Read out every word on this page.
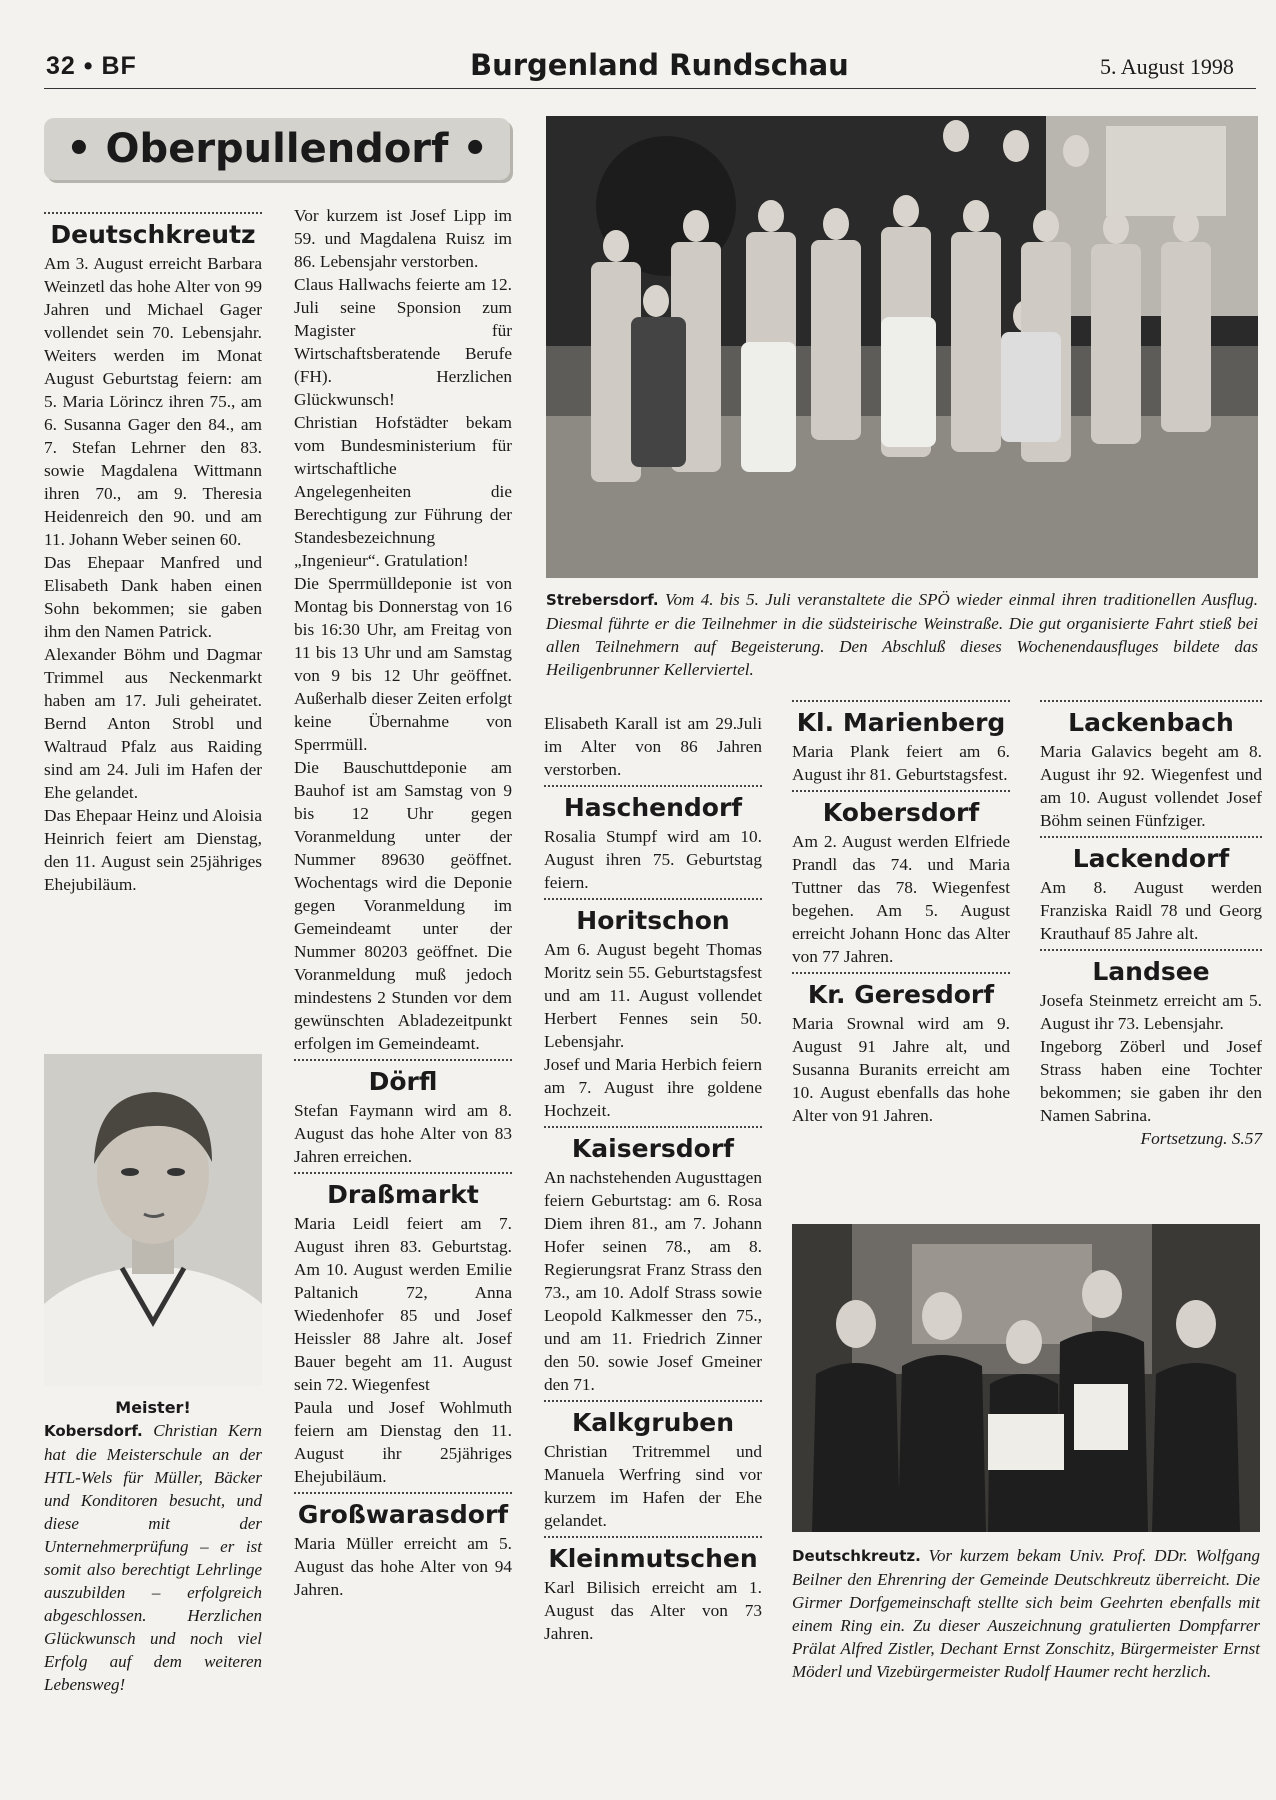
32 • BF	Burgenland Rundschau	5. August 1998
• Oberpullendorf •
Deutschkreutz

Am 3. August erreicht Barbara Weinzetl das hohe Alter von 99 Jahren und Michael Gager vollendet sein 70. Lebensjahr. Weiters werden im Monat August Geburtstag feiern: am 5. Maria Lörincz ihren 75., am 6. Susanna Gager den 84., am 7. Stefan Lehrner den 83. sowie Magdalena Wittmann ihren 70., am 9. Theresia Heidenreich den 90. und am 11. Johann Weber seinen 60.

Das Ehepaar Manfred und Elisabeth Dank haben einen Sohn bekommen; sie gaben ihm den Namen Patrick.

Alexander Böhm und Dagmar Trimmel aus Neckenmarkt haben am 17. Juli geheiratet. Bernd Anton Strobl und Waltraud Pfalz aus Raiding sind am 24. Juli im Hafen der Ehe gelandet.

Das Ehepaar Heinz und Aloisia Heinrich feiert am Dienstag, den 11. August sein 25jähriges Ehejubiläum.

Meister!
Kobersdorf. Christian Kern hat die Meisterschule an der HTL-Wels für Müller, Bäcker und Konditoren besucht, und diese mit der Unternehmerprüfung – er ist somit also berechtigt Lehrlinge auszubilden – erfolgreich abgeschlossen. Herzlichen Glückwunsch und noch viel Erfolg auf dem weiteren Lebensweg!

Vor kurzem ist Josef Lipp im 59. und Magdalena Ruisz im 86. Lebensjahr verstorben.

Claus Hallwachs feierte am 12. Juli seine Sponsion zum Magister für Wirtschaftsberatende Berufe (FH). Herzlichen Glückwunsch!

Christian Hofstädter bekam vom Bundesministerium für wirtschaftliche Angelegenheiten die Berechtigung zur Führung der Standesbezeichnung „Ingenieur“. Gratulation!

Die Sperrmülldeponie ist von Montag bis Donnerstag von 16 bis 16:30 Uhr, am Freitag von 11 bis 13 Uhr und am Samstag von 9 bis 12 Uhr geöffnet. Außerhalb dieser Zeiten erfolgt keine Übernahme von Sperrmüll.

Die Bauschuttdeponie am Bauhof ist am Samstag von 9 bis 12 Uhr gegen Voranmeldung unter der Nummer 89630 geöffnet. Wochentags wird die Deponie gegen Voranmeldung im Gemeindeamt unter der Nummer 80203 geöffnet. Die Voranmeldung muß jedoch mindestens 2 Stunden vor dem gewünschten Abladezeitpunkt erfolgen im Gemeindeamt.

Dörfl

Stefan Faymann wird am 8. August das hohe Alter von 83 Jahren erreichen.

Draßmarkt

Maria Leidl feiert am 7. August ihren 83. Geburtstag. Am 10. August werden Emilie Paltanich 72, Anna Wiedenhofer 85 und Josef Heissler 88 Jahre alt. Josef Bauer begeht am 11. August sein 72. Wiegenfest

Paula und Josef Wohlmuth feiern am Dienstag den 11. August ihr 25jähriges Ehejubiläum.

Großwarasdorf

Maria Müller erreicht am 5. August das hohe Alter von 94 Jahren.

Strebersdorf. Vom 4. bis 5. Juli veranstaltete die SPÖ wieder einmal ihren traditionellen Ausflug. Diesmal führte er die Teilnehmer in die südsteirische Weinstraße. Die gut organisierte Fahrt stieß bei allen Teilnehmern auf Begeisterung. Den Abschluß dieses Wochenendausfluges bildete das Heiligenbrunner Kellerviertel.

Elisabeth Karall ist am 29.Juli im Alter von 86 Jahren verstorben.

Haschendorf

Rosalia Stumpf wird am 10. August ihren 75. Geburtstag feiern.

Horitschon

Am 6. August begeht Thomas Moritz sein 55. Geburtstagsfest und am 11. August vollendet Herbert Fennes sein 50. Lebensjahr.

Josef und Maria Herbich feiern am 7. August ihre goldene Hochzeit.

Kaisersdorf

An nachstehenden Augusttagen feiern Geburtstag: am 6. Rosa Diem ihren 81., am 7. Johann Hofer seinen 78., am 8. Regierungsrat Franz Strass den 73., am 10. Adolf Strass sowie Leopold Kalkmesser den 75., und am 11. Friedrich Zinner den 50. sowie Josef Gmeiner den 71.

Kalkgruben

Christian Tritremmel und Manuela Werfring sind vor kurzem im Hafen der Ehe gelandet.

Kleinmutschen

Karl Bilisich erreicht am 1. August das Alter von 73 Jahren.

Kl. Marienberg

Maria Plank feiert am 6. August ihr 81. Geburtstagsfest.

Kobersdorf

Am 2. August werden Elfriede Prandl das 74. und Maria Tuttner das 78. Wiegenfest begehen. Am 5. August erreicht Johann Honc das Alter von 77 Jahren.

Kr. Geresdorf

Maria Srownal wird am 9. August 91 Jahre alt, und Susanna Buranits erreicht am 10. August ebenfalls das hohe Alter von 91 Jahren.

Lackenbach

Maria Galavics begeht am 8. August ihr 92. Wiegenfest und am 10. August vollendet Josef Böhm seinen Fünfziger.

Lackendorf

Am 8. August werden Franziska Raidl 78 und Georg Krauthauf 85 Jahre alt.

Landsee

Josefa Steinmetz erreicht am 5. August ihr 73. Lebensjahr.

Ingeborg Zöberl und Josef Strass haben eine Tochter bekommen; sie gaben ihr den Namen Sabrina.

Fortsetzung. S.57

Deutschkreutz. Vor kurzem bekam Univ. Prof. DDr. Wolfgang Beilner den Ehrenring der Gemeinde Deutschkreutz überreicht. Die Girmer Dorfgemeinschaft stellte sich beim Geehrten ebenfalls mit einem Ring ein. Zu dieser Auszeichnung gratulierten Dompfarrer Prälat Alfred Zistler, Dechant Ernst Zonschitz, Bürgermeister Ernst Möderl und Vizebürgermeister Rudolf Haumer recht herzlich.
